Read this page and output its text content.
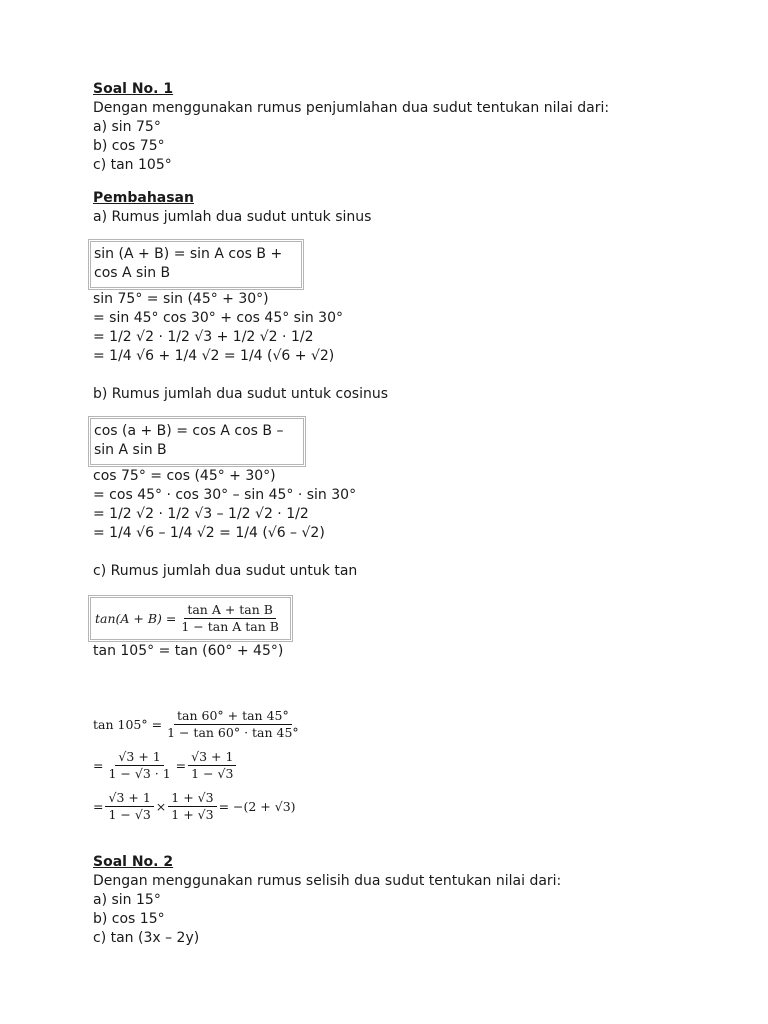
Soal No. 1
Dengan menggunakan rumus penjumlahan dua sudut tentukan nilai dari:
a) sin 75°
b) cos 75°
c) tan 105°
Pembahasan
a) Rumus jumlah dua sudut untuk sinus
sin (A + B) = sin A cos B +
cos A sin B
sin 75° = sin (45° + 30°)
= sin 45° cos 30° + cos 45° sin 30°
= 1/2 √2 · 1/2 √3 + 1/2 √2 · 1/2
= 1/4 √6 + 1/4 √2 = 1/4 (√6 + √2)
b) Rumus jumlah dua sudut untuk cosinus
cos (a + B) = cos A cos B –
sin A sin B
cos 75° = cos (45° + 30°)
= cos 45° · cos 30° – sin 45° · sin 30°
= 1/2 √2 · 1/2 √3 – 1/2 √2 · 1/2
= 1/4 √6 – 1/4 √2 = 1/4 (√6 – √2)
c) Rumus jumlah dua sudut untuk tan
$\tan(A + B) = \frac{\text{tan A + tan B}}{\text{1 − tan A tan B}}$
tan 105° = tan (60° + 45°)
$\tan 105^\circ = \frac{\tan 60^\circ + \tan 45^\circ}{1 - \tan 60^\circ \cdot \tan 45^\circ}$
= $\frac{√3 + 1}{1 - √3 \cdot 1} = \frac{√3 + 1}{1 - √3}$
= $\frac{√3 + 1}{1 - √3} \times \frac{1 + √3}{1 + √3} = -(2 + √3)$
Soal No. 2
Dengan menggunakan rumus selisih dua sudut tentukan nilai dari:
a) sin 15°
b) cos 15°
c) tan (3x – 2y)
